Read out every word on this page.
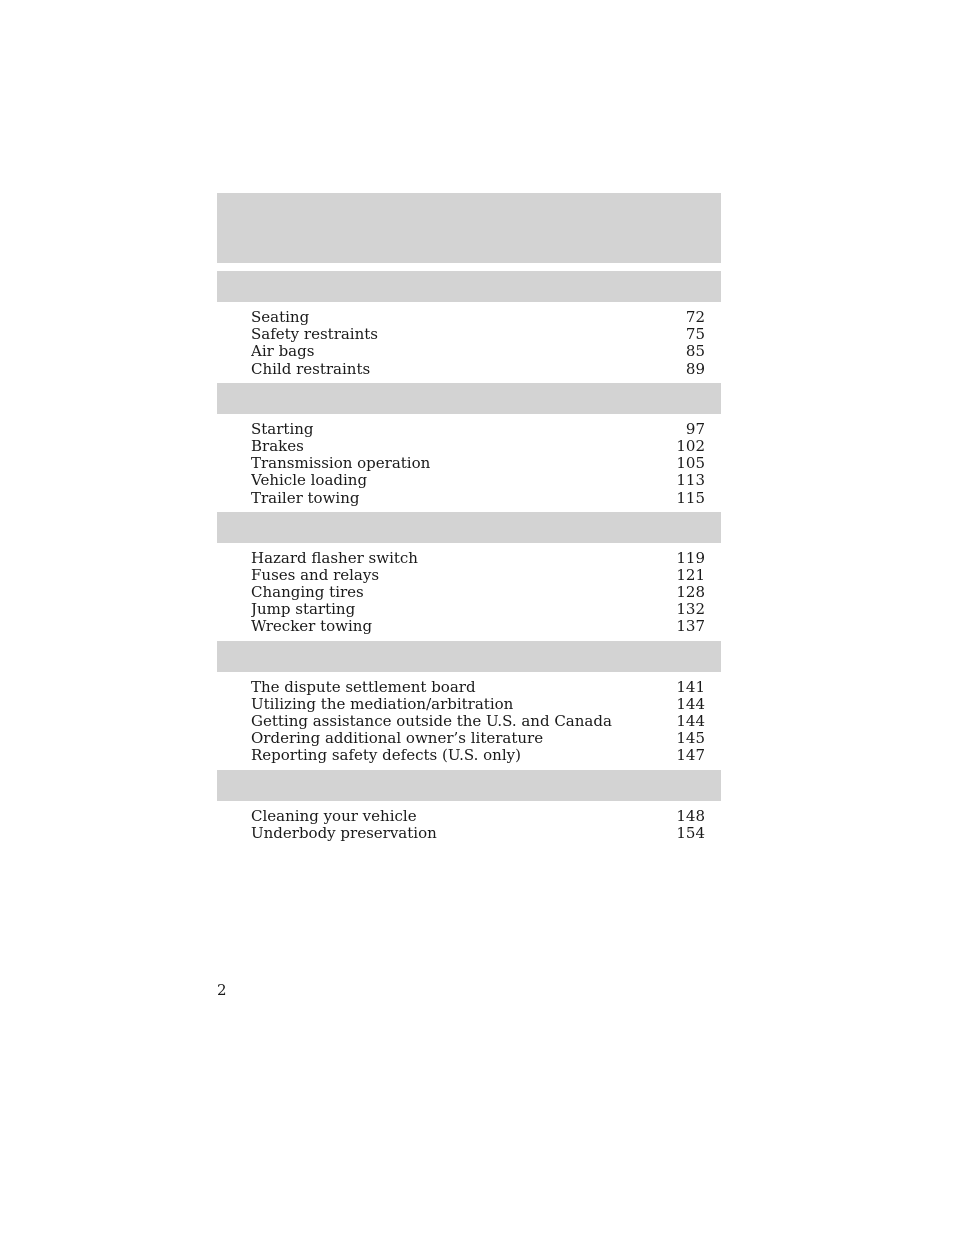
Seating	72
Safety restraints	75
Air bags	85
Child restraints	89
Starting	97
Brakes	102
Transmission operation	105
Vehicle loading	113
Trailer towing	115
Hazard flasher switch	119
Fuses and relays	121
Changing tires	128
Jump starting	132
Wrecker towing	137
The dispute settlement board	141
Utilizing the mediation/arbitration	144
Getting assistance outside the U.S. and Canada	144
Ordering additional owner’s literature	145
Reporting safety defects (U.S. only)	147
Cleaning your vehicle	148
Underbody preservation	154
2
